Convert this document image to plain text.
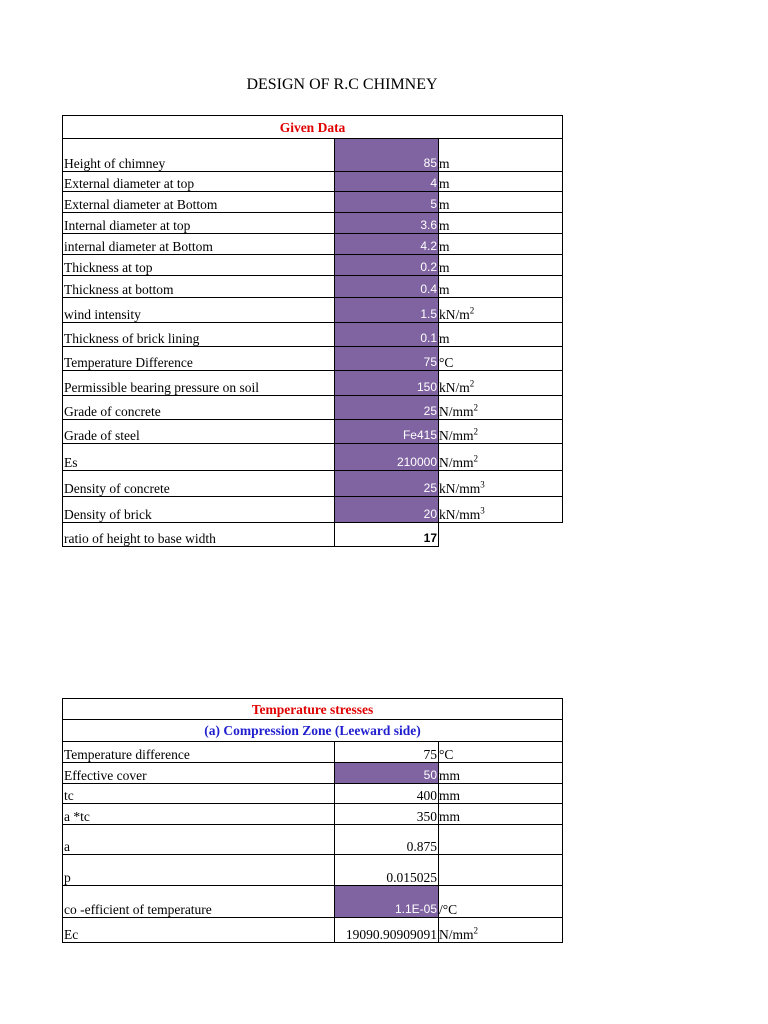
DESIGN OF R.C CHIMNEY
Given Data		
Height of chimney	85	m
External diameter at top	4	m
External diameter at Bottom	5	m
Internal diameter at top	3.6	m
internal diameter at Bottom	4.2	m
Thickness at top	0.2	m
Thickness at bottom	0.4	m
wind intensity	1.5	$kN/m^2$
Thickness of brick lining	0.1	m
Temperature Difference	75	°C
Permissible bearing pressure on soil	150	$kN/m^2$
Grade of concrete	25	$N/mm^2$
Grade of steel	Fe415	$N/mm^2$
Es	210000	$N/mm^2$
Density of concrete	25	$kN/mm^3$
Density of brick	20	$kN/mm^3$
ratio of height to base width	17	
Temperature stresses		
(a) Compression Zone (Leeward side)		
Temperature difference	75	°C
Effective cover	50	mm
tc	400	mm
a *tc	350	mm
a	0.875	
p	0.015025	
co -efficient of temperature	1.1E-05	/°C
Ec	19090.90909091	$N/mm^2$
